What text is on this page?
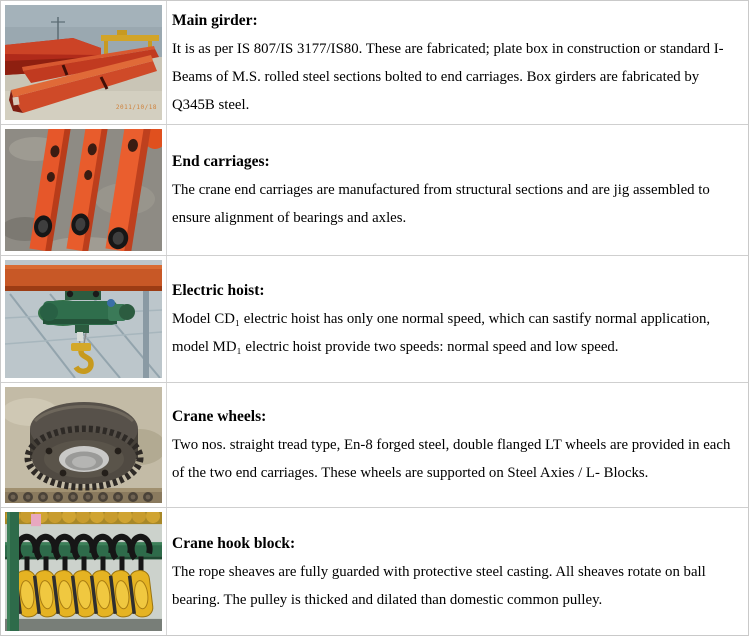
2011/10/18
Main girder:
It is as per IS 807/IS 3177/IS80. These are fabricated; plate box in construction or standard I-Beams of M.S. rolled steel sections bolted to end carriages. Box girders are fabricated by Q345B steel.
End carriages:
The crane end carriages are manufactured from structural sections and are jig assembled to ensure alignment of bearings and axles.
Electric hoist:
Model CD₁ electric hoist has only one normal speed, which can sastify normal application, model MD₁ electric hoist provide two speeds: normal speed and low speed.
Crane wheels:
Two nos. straight tread type, En-8 forged steel, double flanged LT wheels are provided in each of the two end carriages. These wheels are supported on Steel Axies / L- Blocks.
Crane hook block:
The rope sheaves are fully guarded with protective steel casting. All sheaves rotate on ball bearing. The pulley is thicked and dilated than domestic common pulley.
